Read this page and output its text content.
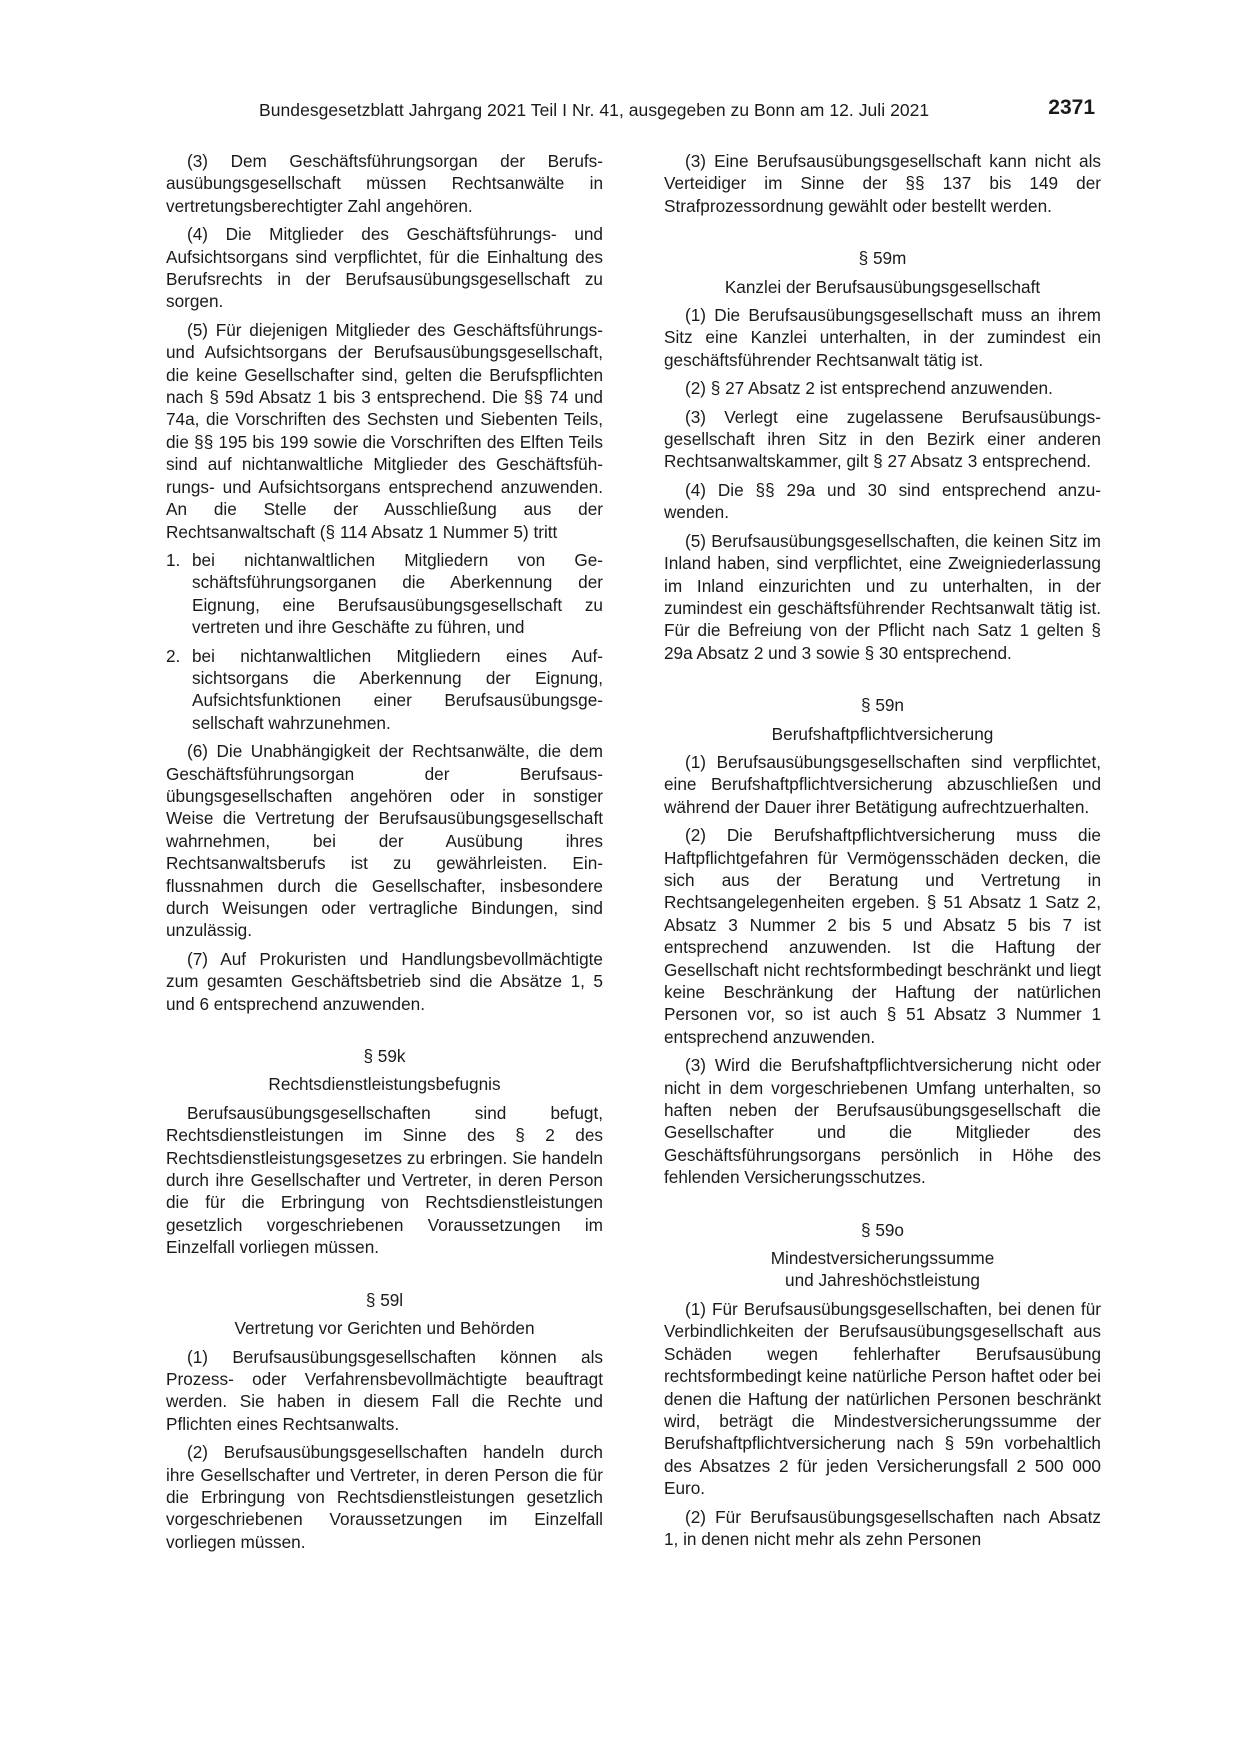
Bundesgesetzblatt Jahrgang 2021 Teil I Nr. 41, ausgegeben zu Bonn am 12. Juli 2021	2371

(3) Dem Geschäftsführungsorgan der Berufsausübungsgesellschaft müssen Rechtsanwälte in vertretungsberechtigter Zahl angehören.

(4) Die Mitglieder des Geschäftsführungs- und Aufsichtsorgans sind verpflichtet, für die Einhaltung des Berufsrechts in der Berufsausübungsgesellschaft zu sorgen.

(5) Für diejenigen Mitglieder des Geschäftsführungs- und Aufsichtsorgans der Berufsausübungsgesellschaft, die keine Gesellschafter sind, gelten die Berufspflichten nach § 59d Absatz 1 bis 3 entsprechend. Die §§ 74 und 74a, die Vorschriften des Sechsten und Siebenten Teils, die §§ 195 bis 199 sowie die Vorschriften des Elften Teils sind auf nichtanwaltliche Mitglieder des Geschäftsführungs- und Aufsichtsorgans entsprechend anzuwenden. An die Stelle der Ausschließung aus der Rechtsanwaltschaft (§ 114 Absatz 1 Nummer 5) tritt

1. bei nichtanwaltlichen Mitgliedern von Geschäftsführungsorganen die Aberkennung der Eignung, eine Berufsausübungsgesellschaft zu vertreten und ihre Geschäfte zu führen, und
2. bei nichtanwaltlichen Mitgliedern eines Aufsichtsorgans die Aberkennung der Eignung, Aufsichtsfunktionen einer Berufsausübungsgesellschaft wahrzunehmen.

(6) Die Unabhängigkeit der Rechtsanwälte, die dem Geschäftsführungsorgan der Berufsausübungsgesellschaften angehören oder in sonstiger Weise die Vertretung der Berufsausübungsgesellschaft wahrnehmen, bei der Ausübung ihres Rechtsanwaltsberufs ist zu gewährleisten. Einflussnahmen durch die Gesellschafter, insbesondere durch Weisungen oder vertragliche Bindungen, sind unzulässig.

(7) Auf Prokuristen und Handlungsbevollmächtigte zum gesamten Geschäftsbetrieb sind die Absätze 1, 5 und 6 entsprechend anzuwenden.

§ 59k
Rechtsdienstleistungsbefugnis

Berufsausübungsgesellschaften sind befugt, Rechtsdienstleistungen im Sinne des § 2 des Rechtsdienstleistungsgesetzes zu erbringen. Sie handeln durch ihre Gesellschafter und Vertreter, in deren Person die für die Erbringung von Rechtsdienstleistungen gesetzlich vorgeschriebenen Voraussetzungen im Einzelfall vorliegen müssen.

§ 59l
Vertretung vor Gerichten und Behörden

(1) Berufsausübungsgesellschaften können als Prozess- oder Verfahrensbevollmächtigte beauftragt werden. Sie haben in diesem Fall die Rechte und Pflichten eines Rechtsanwalts.

(2) Berufsausübungsgesellschaften handeln durch ihre Gesellschafter und Vertreter, in deren Person die für die Erbringung von Rechtsdienstleistungen gesetzlich vorgeschriebenen Voraussetzungen im Einzelfall vorliegen müssen.

(3) Eine Berufsausübungsgesellschaft kann nicht als Verteidiger im Sinne der §§ 137 bis 149 der Strafprozessordnung gewählt oder bestellt werden.

§ 59m
Kanzlei der Berufsausübungsgesellschaft

(1) Die Berufsausübungsgesellschaft muss an ihrem Sitz eine Kanzlei unterhalten, in der zumindest ein geschäftsführender Rechtsanwalt tätig ist.

(2) § 27 Absatz 2 ist entsprechend anzuwenden.

(3) Verlegt eine zugelassene Berufsausübungsgesellschaft ihren Sitz in den Bezirk einer anderen Rechtsanwaltskammer, gilt § 27 Absatz 3 entsprechend.

(4) Die §§ 29a und 30 sind entsprechend anzuwenden.

(5) Berufsausübungsgesellschaften, die keinen Sitz im Inland haben, sind verpflichtet, eine Zweigniederlassung im Inland einzurichten und zu unterhalten, in der zumindest ein geschäftsführender Rechtsanwalt tätig ist. Für die Befreiung von der Pflicht nach Satz 1 gelten § 29a Absatz 2 und 3 sowie § 30 entsprechend.

§ 59n
Berufshaftpflichtversicherung

(1) Berufsausübungsgesellschaften sind verpflichtet, eine Berufshaftpflichtversicherung abzuschließen und während der Dauer ihrer Betätigung aufrechtzuerhalten.

(2) Die Berufshaftpflichtversicherung muss die Haftpflichtgefahren für Vermögensschäden decken, die sich aus der Beratung und Vertretung in Rechtsangelegenheiten ergeben. § 51 Absatz 1 Satz 2, Absatz 3 Nummer 2 bis 5 und Absatz 5 bis 7 ist entsprechend anzuwenden. Ist die Haftung der Gesellschaft nicht rechtsformbedingt beschränkt und liegt keine Beschränkung der Haftung der natürlichen Personen vor, so ist auch § 51 Absatz 3 Nummer 1 entsprechend anzuwenden.

(3) Wird die Berufshaftpflichtversicherung nicht oder nicht in dem vorgeschriebenen Umfang unterhalten, so haften neben der Berufsausübungsgesellschaft die Gesellschafter und die Mitglieder des Geschäftsführungsorgans persönlich in Höhe des fehlenden Versicherungsschutzes.

§ 59o
Mindestversicherungssumme
und Jahreshöchstleistung

(1) Für Berufsausübungsgesellschaften, bei denen für Verbindlichkeiten der Berufsausübungsgesellschaft aus Schäden wegen fehlerhafter Berufsausübung rechtsformbedingt keine natürliche Person haftet oder bei denen die Haftung der natürlichen Personen beschränkt wird, beträgt die Mindestversicherungssumme der Berufshaftpflichtversicherung nach § 59n vorbehaltlich des Absatzes 2 für jeden Versicherungsfall 2 500 000 Euro.

(2) Für Berufsausübungsgesellschaften nach Absatz 1, in denen nicht mehr als zehn Personen
